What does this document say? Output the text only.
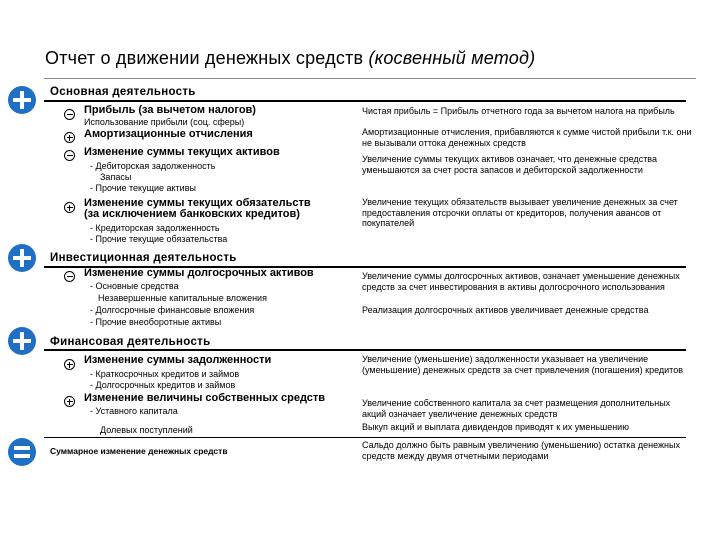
Отчет о движении денежных средств (косвенный метод)
Основная деятельность
Прибыль (за вычетом налогов)
Использование прибыли (соц. сферы)
Чистая прибыль = Прибыль отчетного года за вычетом налога на прибыль
Амортизационные отчисления	Амортизационные отчисления, прибавляются к сумме чистой прибыли т.к. они не вызывали оттока денежных средств
Изменение суммы текущих активов
- Дебиторская задолженность
Запасы
- Прочие текущие активы
Увеличение суммы текущих активов означает, что денежные средства уменьшаются за счет роста запасов и дебиторской задолженности
Изменение суммы текущих обязательств
(за исключением банковских кредитов)
- Кредиторская задолженность
- Прочие текущие обязательства
Увеличение текущих обязательств вызывает увеличение денежных за счет предоставления отсрочки оплаты от кредиторов, получения авансов от покупателей
Инвестиционная деятельность
Изменение суммы долгосрочных активов
- Основные средства
Незавершенные капитальные вложения
- Долгосрочные финансовые вложения
- Прочие внеоборотные активы
Увеличение суммы долгосрочных активов, означает уменьшение денежных средств за счет инвестирования в активы долгосрочного использования
Реализация долгосрочных активов увеличивает денежные средства
Финансовая деятельность
Изменение суммы задолженности
- Краткосрочных кредитов и займов
- Долгосрочных кредитов и займов
Увеличение (уменьшение) задолженности указывает на увеличение (уменьшение) денежных средств за счет привлечения (погашения) кредитов
Изменение величины собственных средств
- Уставного капитала
Долевых поступлений
Увеличение собственного капитала за счет размещения дополнительных акций означает увеличение денежных средств
Выкуп акций и выплата дивидендов приводят к их уменьшению
Суммарное изменение денежных средств
Сальдо должно быть равным увеличению (уменьшению) остатка денежных средств между двумя отчетными периодами
